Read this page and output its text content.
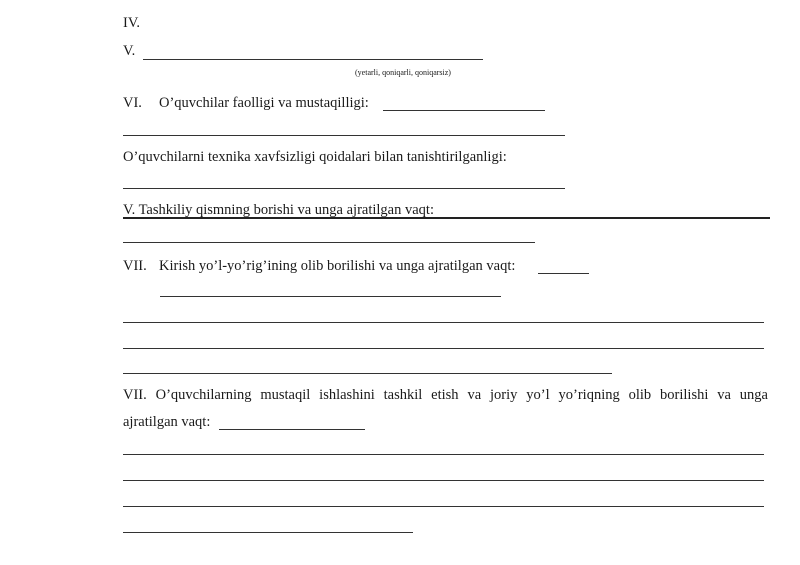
IV.
V.
(yetarli, qoniqarli, qoniqarsiz)
VI. O’quvchilar faolligi va mustaqilligi:
O’quvchilarni texnika xavfsizligi qoidalari bilan tanishtirilganligi:
V. Tashkiliy qismning borishi va unga ajratilgan vaqt:
VII. Kirish yo’l-yo’rig’ining olib borilishi va unga ajratilgan vaqt:
VII. O’quvchilarning mustaqil ishlashini tashkil etish va joriy yo’l yo’riqning olib borilishi va unga
ajratilgan vaqt:
